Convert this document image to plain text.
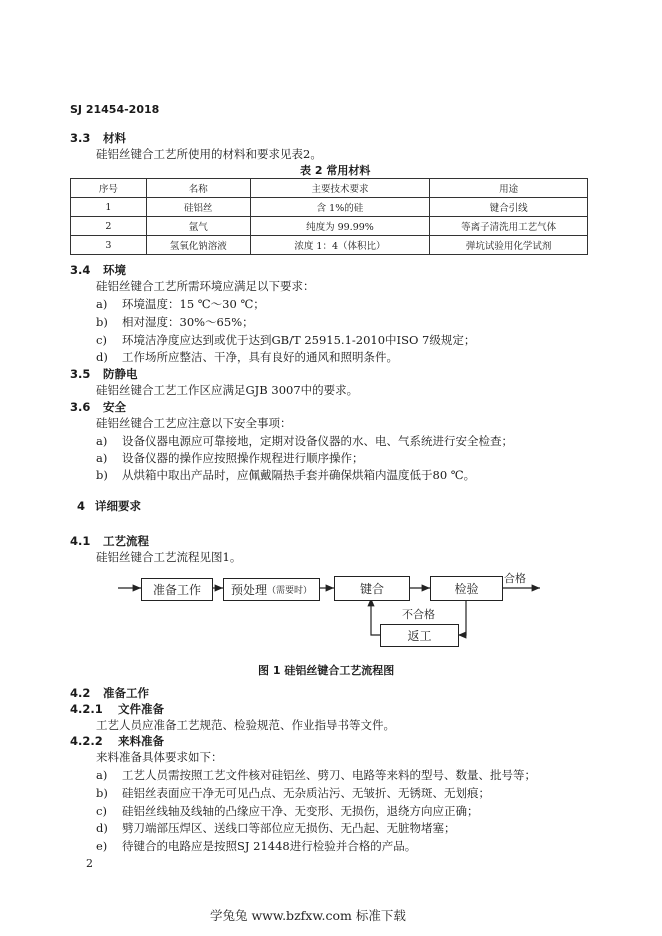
SJ 21454-2018
3.3 材料
硅铝丝键合工艺所使用的材料和要求见表2。
表 2 常用材料
序号	名称	主要技术要求	用途
1	硅铝丝	含 1%的硅	键合引线
2	氩气	纯度为 99.99%	等离子清洗用工艺气体
3	氢氧化钠溶液	浓度 1：4（体积比）	弹坑试验用化学试剂
3.4 环境
硅铝丝键合工艺所需环境应满足以下要求：
a) 环境温度：15 ℃～30 ℃；
b) 相对湿度：30%～65%；
c) 环境洁净度应达到或优于达到GB/T 25915.1-2010中ISO 7级规定；
d) 工作场所应整洁、干净，具有良好的通风和照明条件。
3.5 防静电
硅铝丝键合工艺工作区应满足GJB 3007中的要求。
3.6 安全
硅铝丝键合工艺应注意以下安全事项：
a) 设备仪器电源应可靠接地，定期对设备仪器的水、电、气系统进行安全检查；
a) 设备仪器的操作应按照操作规程进行顺序操作；
b) 从烘箱中取出产品时，应佩戴隔热手套并确保烘箱内温度低于80 ℃。
4 详细要求
4.1 工艺流程
硅铝丝键合工艺流程见图1。
准备工作	预处理 （需要时）	键合	检验
返工
合格
不合格
图 1 硅铝丝键合工艺流程图
4.2 准备工作
4.2.1 文件准备
工艺人员应准备工艺规范、检验规范、作业指导书等文件。
4.2.2 来料准备
来料准备具体要求如下：
a) 工艺人员需按照工艺文件核对硅铝丝、劈刀、电路等来料的型号、数量、批号等；
b) 硅铝丝表面应干净无可见凸点、无杂质沾污、无皱折、无锈斑、无划痕；
c) 硅铝丝线轴及线轴的凸缘应干净、无变形、无损伤，退绕方向应正确；
d) 劈刀端部压焊区、送线口等部位应无损伤、无凸起、无脏物堵塞；
e) 待键合的电路应是按照SJ 21448进行检验并合格的产品。
2
学兔兔 www.bzfxw.com 标准下载
